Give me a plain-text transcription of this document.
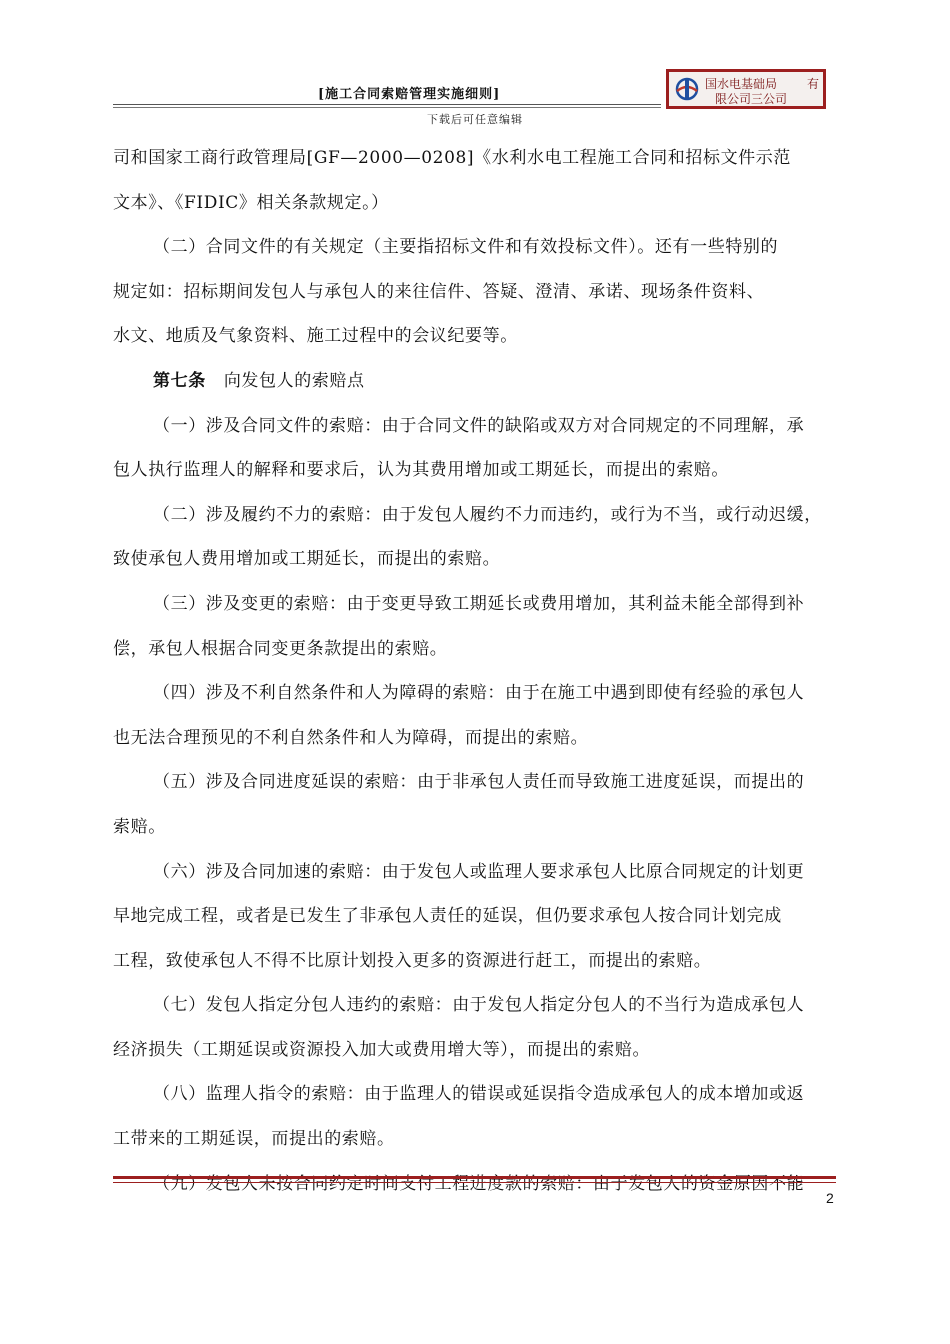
[施工合同索赔管理实施细则]
国水电基础局 有
限公司三公司
下载后可任意编辑
司和国家工商行政管理局[GF—2000—0208]《水利水电工程施工合同和招标文件示范
文本》、《FIDIC》相关条款规定。）
（二）合同文件的有关规定（主要指招标文件和有效投标文件）。还有一些特别的
规定如：招标期间发包人与承包人的来往信件、答疑、澄清、承诺、现场条件资料、
水文、地质及气象资料、施工过程中的会议纪要等。
第七条 向发包人的索赔点
（一）涉及合同文件的索赔：由于合同文件的缺陷或双方对合同规定的不同理解，承
包人执行监理人的解释和要求后，认为其费用增加或工期延长，而提出的索赔。
（二）涉及履约不力的索赔：由于发包人履约不力而违约，或行为不当，或行动迟缓，
致使承包人费用增加或工期延长，而提出的索赔。
（三）涉及变更的索赔：由于变更导致工期延长或费用增加，其利益未能全部得到补
偿，承包人根据合同变更条款提出的索赔。
（四）涉及不利自然条件和人为障碍的索赔：由于在施工中遇到即使有经验的承包人
也无法合理预见的不利自然条件和人为障碍，而提出的索赔。
（五）涉及合同进度延误的索赔：由于非承包人责任而导致施工进度延误，而提出的
索赔。
（六）涉及合同加速的索赔：由于发包人或监理人要求承包人比原合同规定的计划更
早地完成工程，或者是已发生了非承包人责任的延误，但仍要求承包人按合同计划完成
工程，致使承包人不得不比原计划投入更多的资源进行赶工，而提出的索赔。
（七）发包人指定分包人违约的索赔：由于发包人指定分包人的不当行为造成承包人
经济损失（工期延误或资源投入加大或费用增大等），而提出的索赔。
（八）监理人指令的索赔：由于监理人的错误或延误指令造成承包人的成本增加或返
工带来的工期延误，而提出的索赔。
（九）发包人未按合同约定时间支付工程进度款的索赔：由于发包人的资金原因不能
2
